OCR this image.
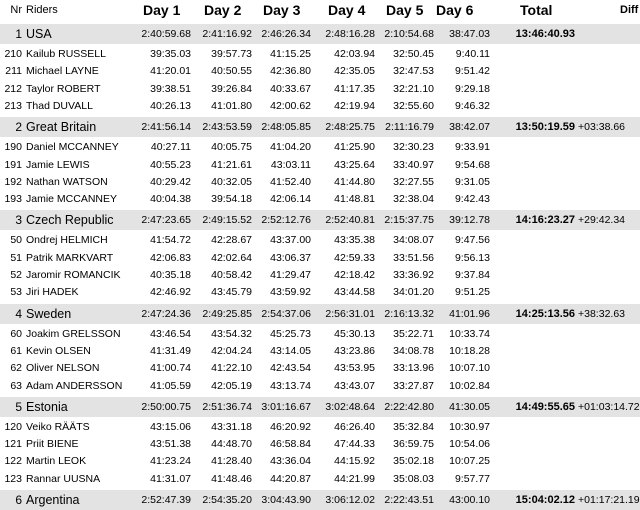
Nr Riders	Day 1	Day 2	Day 3	Day 4	Day 5 Day 6	Total	Diff
1 USA	2:40:59.68	2:41:16.92 2:46:26.34	2:48:16.28 2:10:54.68	38:47.03	13:46:40.93
210 Kailub RUSSELL	39:35.03	39:57.73	41:15.25	42:03.94	32:50.45	9:40.11
211 Michael LAYNE	41:20.01	40:50.55	42:36.80	42:35.05	32:47.53	9:51.42
212 Taylor ROBERT	39:38.51	39:26.84	40:33.67	41:17.35	32:21.10	9:29.18
213 Thad DUVALL	40:26.13	41:01.80	42:00.62	42:19.94	32:55.60	9:46.32
2 Great Britain	2:41:56.14	2:43:53.59 2:48:05.85	2:48:25.75 2:11:16.79	38:42.07	13:50:19.59 +03:38.66
190 Daniel MCCANNEY	40:27.11	40:05.75	41:04.20	41:25.90	32:30.23	9:33.91
191 Jamie LEWIS	40:55.23	41:21.61	43:03.11	43:25.64	33:40.97	9:54.68
192 Nathan WATSON	40:29.42	40:32.05	41:52.40	41:44.80	32:27.55	9:31.05
193 Jamie MCCANNEY	40:04.38	39:54.18	42:06.14	41:48.81	32:38.04	9:42.43
3 Czech Republic	2:47:23.65	2:49:15.52 2:52:12.76	2:52:40.81 2:15:37.75	39:12.78	14:16:23.27 +29:42.34
50 Ondrej HELMICH	41:54.72	42:28.67	43:37.00	43:35.38	34:08.07	9:47.56
51 Patrik MARKVART	42:06.83	42:02.64	43:06.37	42:59.33	33:51.56	9:56.13
52 Jaromir ROMANCIK	40:35.18	40:58.42	41:29.47	42:18.42	33:36.92	9:37.84
53 Jiri HADEK	42:46.92	43:45.79	43:59.92	43:44.58	34:01.20	9:51.25
4 Sweden	2:47:24.36	2:49:25.85 2:54:37.06	2:56:31.01 2:16:13.32	41:01.96	14:25:13.56 +38:32.63
60 Joakim GRELSSON	43:46.54	43:54.32	45:25.73	45:30.13	35:22.71	10:33.74
61 Kevin OLSEN	41:31.49	42:04.24	43:14.05	43:23.86	34:08.78	10:18.28
62 Oliver NELSON	41:00.74	41:22.10	42:43.54	43:53.95	33:13.96	10:07.10
63 Adam ANDERSSON	41:05.59	42:05.19	43:13.74	43:43.07	33:27.87	10:02.84
5 Estonia	2:50:00.75	2:51:36.74 3:01:16.67	3:02:48.64 2:22:42.80	41:30.05	14:49:55.65 +01:03:14.72
120 Veiko RÄÄTS	43:15.06	43:31.18	46:20.92	46:26.40	35:32.84	10:30.97
121 Priit BIENE	43:51.38	44:48.70	46:58.84	47:44.33	36:59.75	10:54.06
122 Martin LEOK	41:23.24	41:28.40	43:36.04	44:15.92	35:02.18	10:07.25
123 Rannar UUSNA	41:31.07	41:48.46	44:20.87	44:21.99	35:08.03	9:57.77
6 Argentina	2:52:47.39	2:54:35.20 3:04:43.90	3:06:12.02 2:22:43.51	43:00.10	15:04:02.12 +01:17:21.19
